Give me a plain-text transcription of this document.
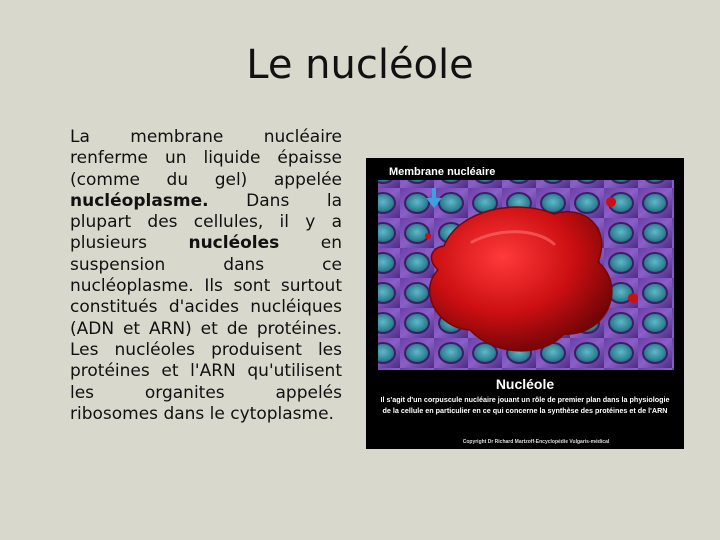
Le nucléole
La membrane nucléaire renferme un liquide épaisse (comme du gel) appelée nucléoplasme. Dans la plupart des cellules, il y a plusieurs nucléoles en suspension dans ce nucléoplasme. Ils sont surtout constitués d'acides nucléiques (ADN et ARN) et de protéines. Les nucléoles produisent les protéines et l'ARN qu'utilisent les organites appelés ribosomes dans le cytoplasme.
Membrane nucléaire
Nucléole
Il s'agit d'un corpuscule nucléaire jouant un rôle de premier plan dans la physiologie de la cellule en particulier en ce qui concerne la synthèse des protéines et de l'ARN
Copyright Dr Richard Martzoff-Encyclopédie Vulgaris-médical
